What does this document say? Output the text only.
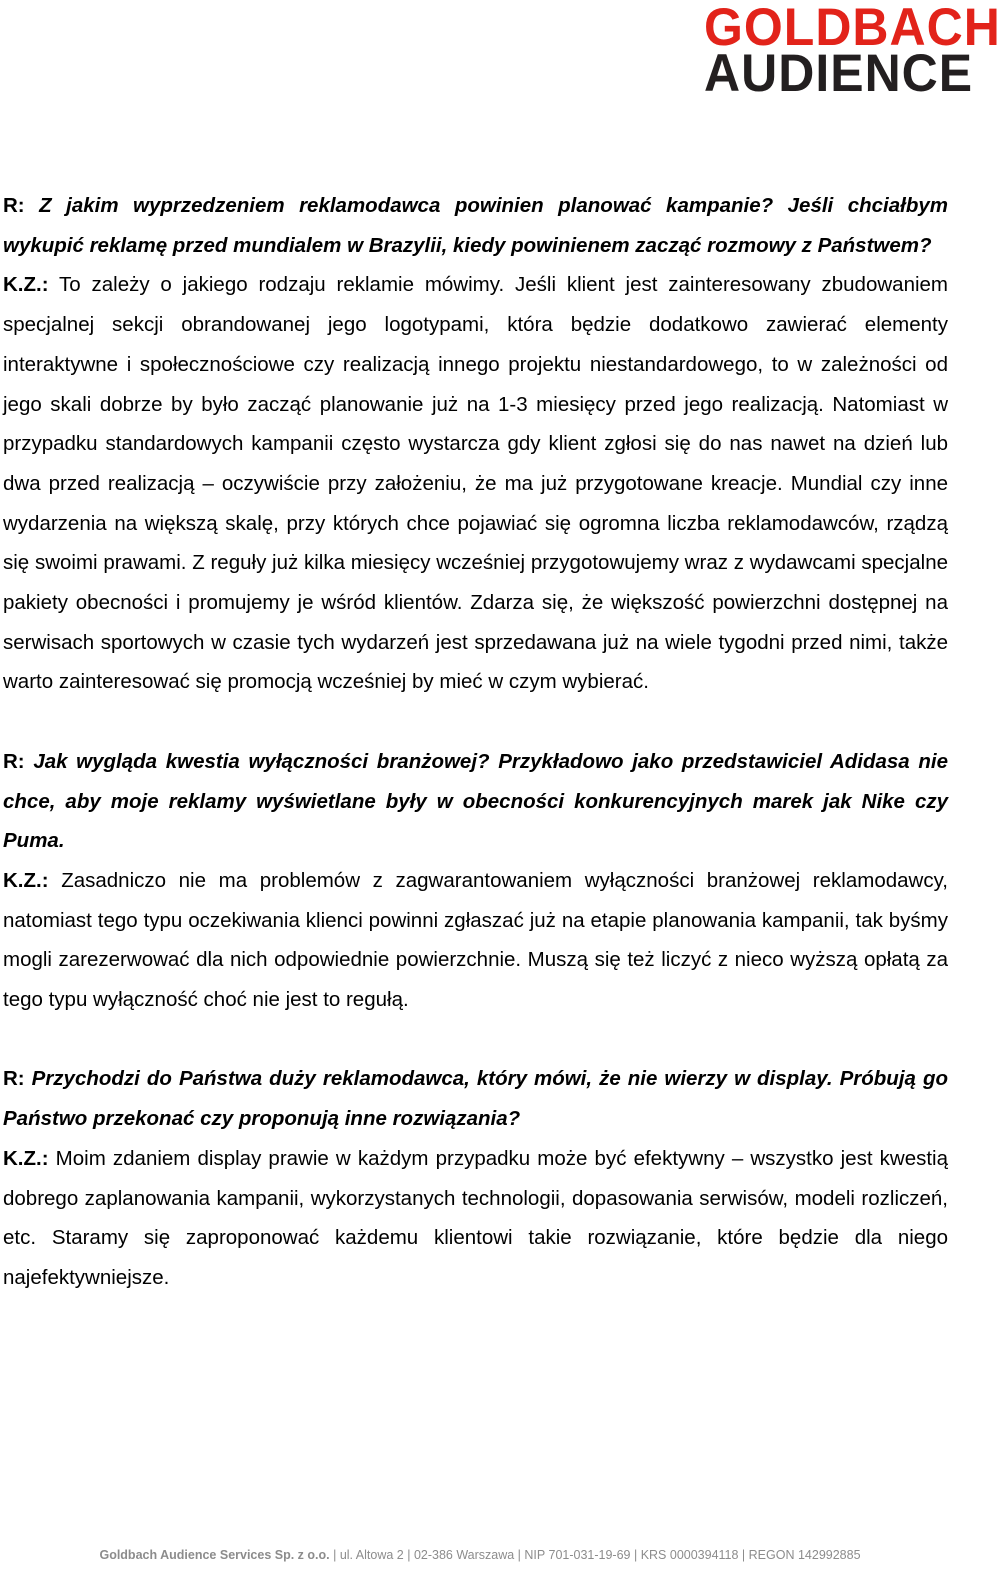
GOLDBACH
AUDIENCE

R: Z jakim wyprzedzeniem reklamodawca powinien planować kampanie? Jeśli chciałbym wykupić reklamę przed mundialem w Brazylii, kiedy powinienem zacząć rozmowy z Państwem?

K.Z.: To zależy o jakiego rodzaju reklamie mówimy. Jeśli klient jest zainteresowany zbudowaniem specjalnej sekcji obrandowanej jego logotypami, która będzie dodatkowo zawierać elementy interaktywne i społecznościowe czy realizacją innego projektu niestandardowego, to w zależności od jego skali dobrze by było zacząć planowanie już na 1-3 miesięcy przed jego realizacją. Natomiast w przypadku standardowych kampanii często wystarcza gdy klient zgłosi się do nas nawet na dzień lub dwa przed realizacją – oczywiście przy założeniu, że ma już przygotowane kreacje. Mundial czy inne wydarzenia na większą skalę, przy których chce pojawiać się ogromna liczba reklamodawców, rządzą się swoimi prawami. Z reguły już kilka miesięcy wcześniej przygotowujemy wraz z wydawcami specjalne pakiety obecności i promujemy je wśród klientów. Zdarza się, że większość powierzchni dostępnej na serwisach sportowych w czasie tych wydarzeń jest sprzedawana już na wiele tygodni przed nimi, także warto zainteresować się promocją wcześniej by mieć w czym wybierać.

R: Jak wygląda kwestia wyłączności branżowej? Przykładowo jako przedstawiciel Adidasa nie chce, aby moje reklamy wyświetlane były w obecności konkurencyjnych marek jak Nike czy Puma.

K.Z.: Zasadniczo nie ma problemów z zagwarantowaniem wyłączności branżowej reklamodawcy, natomiast tego typu oczekiwania klienci powinni zgłaszać już na etapie planowania kampanii, tak byśmy mogli zarezerwować dla nich odpowiednie powierzchnie. Muszą się też liczyć z nieco wyższą opłatą za tego typu wyłączność choć nie jest to regułą.

R: Przychodzi do Państwa duży reklamodawca, który mówi, że nie wierzy w display. Próbują go Państwo przekonać czy proponują inne rozwiązania?

K.Z.: Moim zdaniem display prawie w każdym przypadku może być efektywny – wszystko jest kwestią dobrego zaplanowania kampanii, wykorzystanych technologii, dopasowania serwisów, modeli rozliczeń, etc. Staramy się zaproponować każdemu klientowi takie rozwiązanie, które będzie dla niego najefektywniejsze.

Goldbach Audience Services Sp. z o.o. | ul. Altowa 2 | 02-386 Warszawa | NIP 701-031-19-69 | KRS 0000394118 | REGON 142992885
